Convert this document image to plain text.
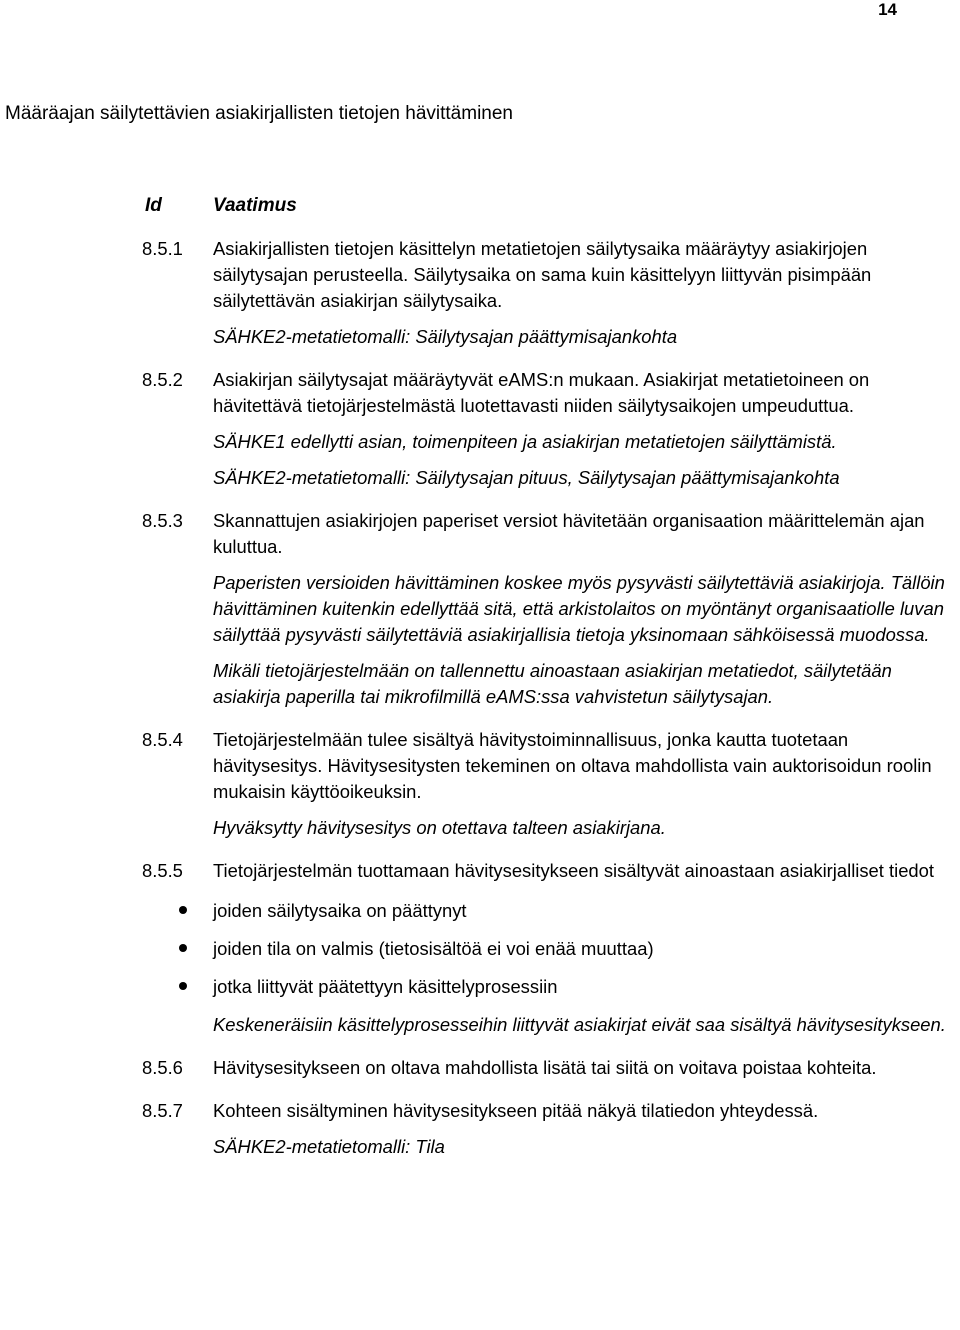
14
Määräajan säilytettävien asiakirjallisten tietojen hävittäminen
Id	Vaatimus
8.5.1	Asiakirjallisten tietojen käsittelyn metatietojen säilytysaika määräytyy asiakirjojen säilytysajan perusteella. Säilytysaika on sama kuin käsittelyyn liittyvän pisimpään säilytettävän asiakirjan säilytysaika.

SÄHKE2-metatietomalli: Säilytysajan päättymisajankohta

8.5.2	Asiakirjan säilytysajat määräytyvät eAMS:n mukaan. Asiakirjat metatietoineen on hävitettävä tietojärjestelmästä luotettavasti niiden säilytysaikojen umpeuduttua.

SÄHKE1 edellytti asian, toimenpiteen ja asiakirjan metatietojen säilyttämistä.

SÄHKE2-metatietomalli: Säilytysajan pituus, Säilytysajan päättymisajankohta

8.5.3	Skannattujen asiakirjojen paperiset versiot hävitetään organisaation määrittelemän ajan kuluttua.

Paperisten versioiden hävittäminen koskee myös pysyvästi säilytettäviä asiakirjoja. Tällöin hävittäminen kuitenkin edellyttää sitä, että arkistolaitos on myöntänyt organisaatiolle luvan säilyttää pysyvästi säilytettäviä asiakirjallisia tietoja yksinomaan sähköisessä muodossa.

Mikäli tietojärjestelmään on tallennettu ainoastaan asiakirjan metatiedot, säilytetään asiakirja paperilla tai mikrofilmillä eAMS:ssa vahvistetun säilytysajan.

8.5.4	Tietojärjestelmään tulee sisältyä hävitystoiminnallisuus, jonka kautta tuotetaan hävitysesitys. Hävitysesitysten tekeminen on oltava mahdollista vain auktorisoidun roolin mukaisin käyttöoikeuksin.

Hyväksytty hävitysesitys on otettava talteen asiakirjana.

8.5.5	Tietojärjestelmän tuottamaan hävitysesitykseen sisältyvät ainoastaan asiakirjalliset tiedot

joiden säilytysaika on päättynyt
joiden tila on valmis (tietosisältöä ei voi enää muuttaa)
jotka liittyvät päätettyyn käsittelyprosessiin

Keskeneräisiin käsittelyprosesseihin liittyvät asiakirjat eivät saa sisältyä hävitysesitykseen.

8.5.6	Hävitysesitykseen on oltava mahdollista lisätä tai siitä on voitava poistaa kohteita.

8.5.7	Kohteen sisältyminen hävitysesitykseen pitää näkyä tilatiedon yhteydessä.

SÄHKE2-metatietomalli: Tila
